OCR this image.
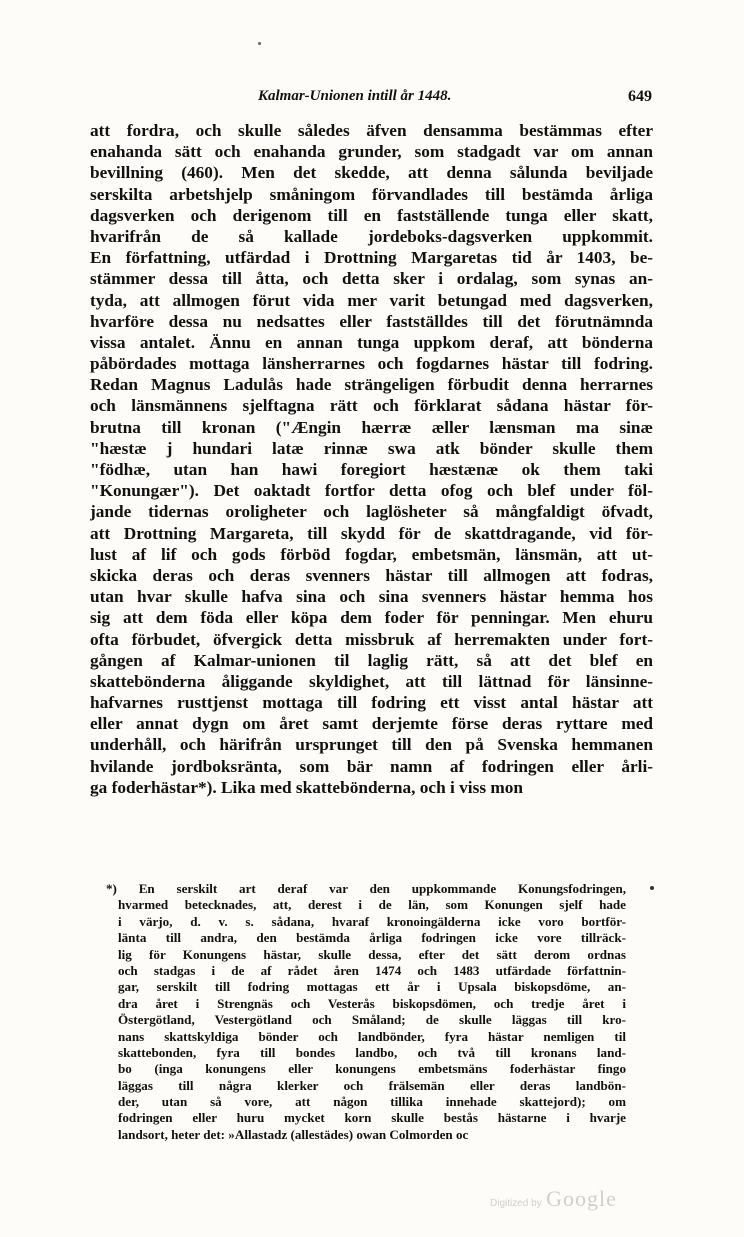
Kalmar-Unionen intill år 1448.	649
att fordra, och skulle således äfven densamma bestämmas efter
enahanda sätt och enahanda grunder, som stadgadt var om annan
bevillning (460). Men det skedde, att denna sålunda beviljade
serskilta arbetshjelp småningom förvandlades till bestämda årliga
dagsverken och derigenom till en fastställende tunga eller skatt,
hvarifrån de så kallade jordeboks-dagsverken uppkommit.
En författning, utfärdad i Drottning Margaretas tid år 1403, be-
stämmer dessa till åtta, och detta sker i ordalag, som synas an-
tyda, att allmogen förut vida mer varit betungad med dagsverken,
hvarföre dessa nu nedsattes eller fastställdes till det förutnämnda
vissa antalet. Ännu en annan tunga uppkom deraf, att bönderna
påbördades mottaga länsherrarnes och fogdarnes hästar till fodring.
Redan Magnus Ladulås hade strängeligen förbudit denna herrarnes
och länsmännens sjelftagna rätt och förklarat sådana hästar för-
brutna till kronan ("Ængin hærræ æller lænsman ma sinæ
"hæstæ j hundari latæ rinnæ swa atk bönder skulle them
"födhæ, utan han hawi foregiort hæstænæ ok them taki
"Konungær"). Det oaktadt fortfor detta ofog och blef under föl-
jande tidernas oroligheter och laglösheter så mångfaldigt öfvadt,
att Drottning Margareta, till skydd för de skattdragande, vid för-
lust af lif och gods förböd fogdar, embetsmän, länsmän, att ut-
skicka deras och deras svenners hästar till allmogen att fodras,
utan hvar skulle hafva sina och sina svenners hästar hemma hos
sig att dem föda eller köpa dem foder för penningar. Men ehuru
ofta förbudet, öfvergick detta missbruk af herremakten under fort-
gången af Kalmar-unionen til laglig rätt, så att det blef en
skattebönderna åliggande skyldighet, att till lättnad för länsinne-
hafvarnes rusttjenst mottaga till fodring ett visst antal hästar att
eller annat dygn om året samt derjemte förse deras ryttare med
underhåll, och härifrån ursprunget till den på Svenska hemmanen
hvilande jordboksränta, som bär namn af fodringen eller årli-
ga foderhästar*). Lika med skattebönderna, och i viss mon
*) En serskilt art deraf var den uppkommande Konungsfodringen,
hvarmed betecknades, att, derest i de län, som Konungen sjelf hade
i värjo, d. v. s. sådana, hvaraf kronoingälderna icke voro bortför-
länta till andra, den bestämda årliga fodringen icke vore tillräck-
lig för Konungens hästar, skulle dessa, efter det sätt derom ordnas
och stadgas i de af rådet åren 1474 och 1483 utfärdade författnin-
gar, serskilt till fodring mottagas ett år i Upsala biskopsdöme, an-
dra året i Strengnäs och Vesterås biskopsdömen, och tredje året i
Östergötland, Vestergötland och Småland; de skulle läggas till kro-
nans skattskyldiga bönder och landbönder, fyra hästar nemligen til
skattebonden, fyra till bondes landbo, och två till kronans land-
bo (inga konungens eller konungens embetsmäns foderhästar fingo
läggas till några klerker och frälsemän eller deras landbön-
der, utan så vore, att någon tillika innehade skattejord); om
fodringen eller huru mycket korn skulle bestås hästarne i hvarje
landsort, heter det: »Allastadz (allestädes) owan Colmorden oc
Digitized by Google
